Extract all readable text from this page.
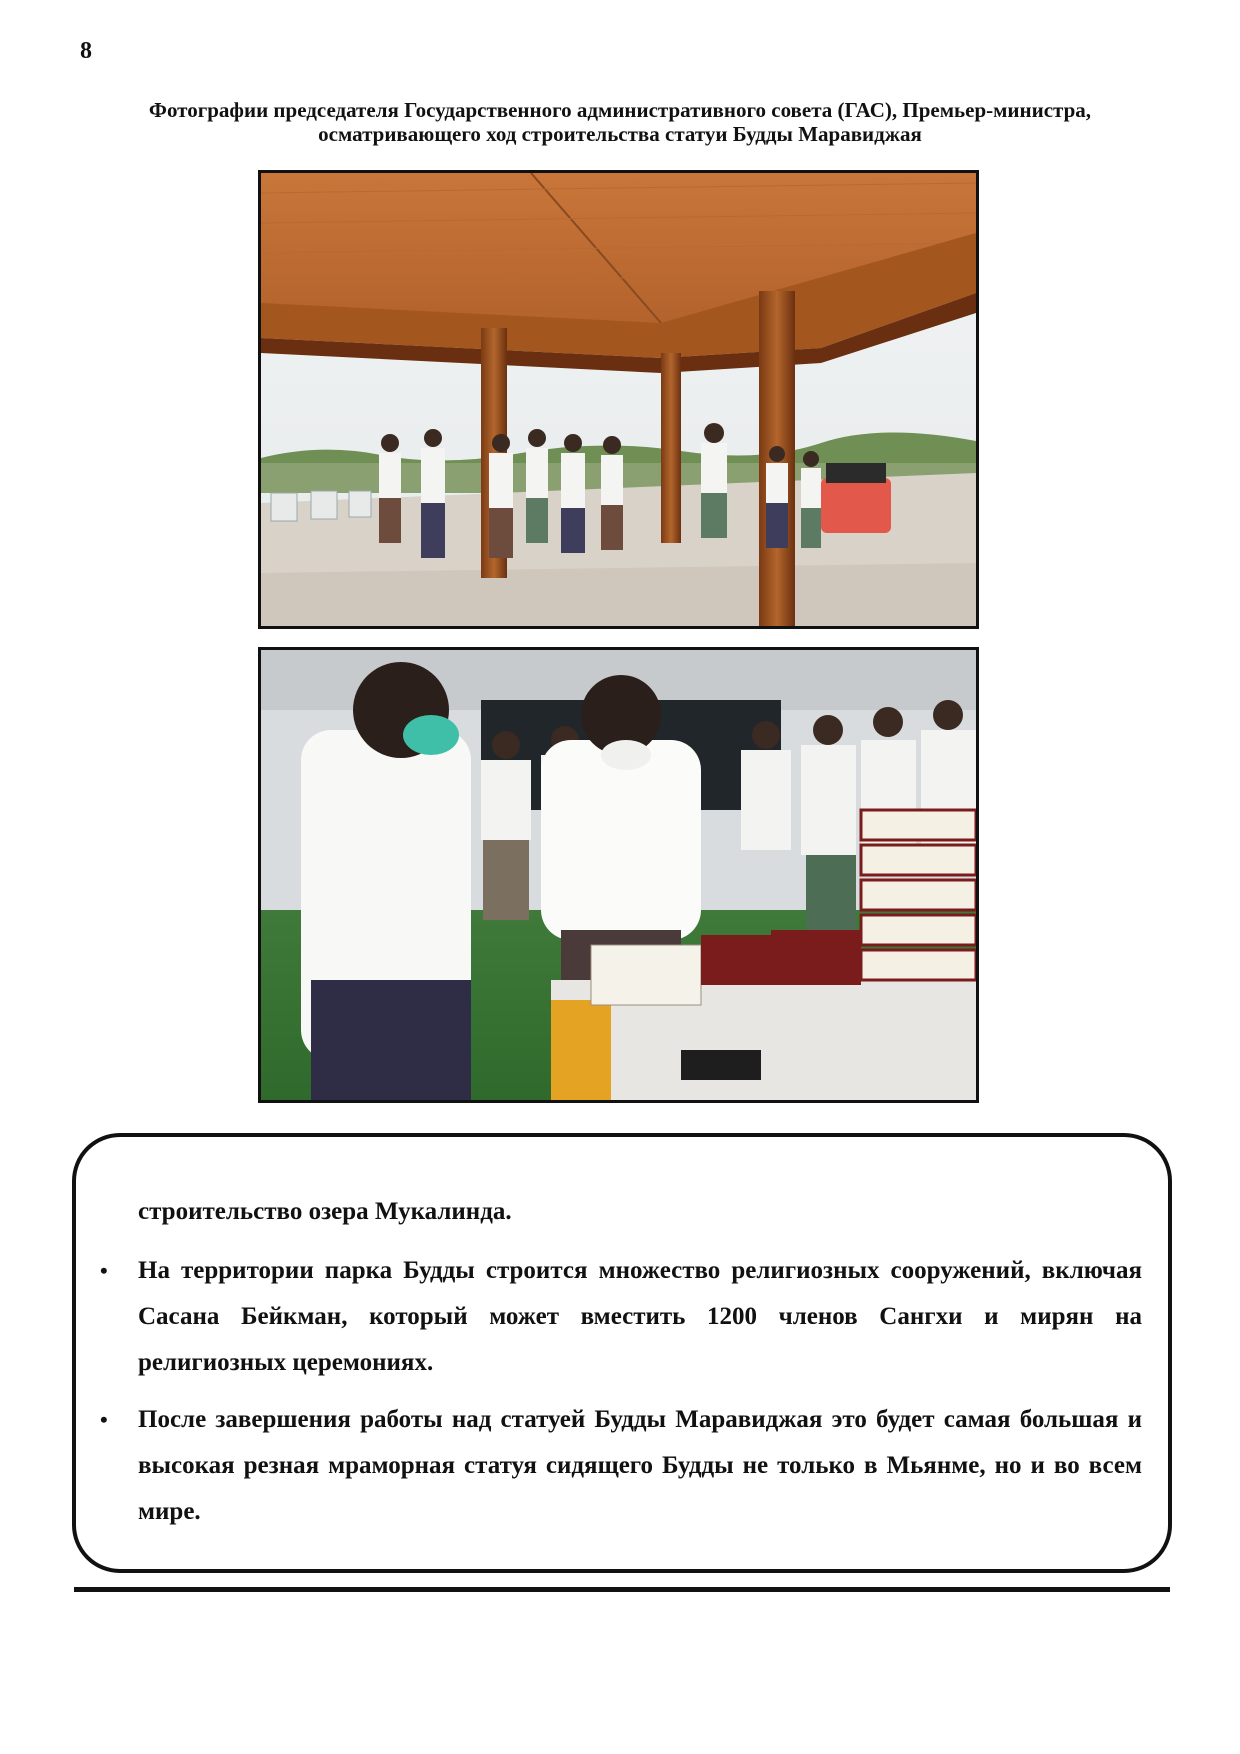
8
Фотографии председателя Государственного административного совета (ГАС), Премьер-министра, осматривающего ход строительства статуи Будды Маравиджая

строительство озера Мукалинда.

• На территории парка Будды строится множество религиозных сооружений, включая Сасана Бейкман, который может вместить 1200 членов Сангхи и мирян на религиозных церемониях.

• После завершения работы над статуей Будды Маравиджая это будет самая большая и высокая резная мраморная статуя сидящего Будды не только в Мьянме, но и во всем мире.
